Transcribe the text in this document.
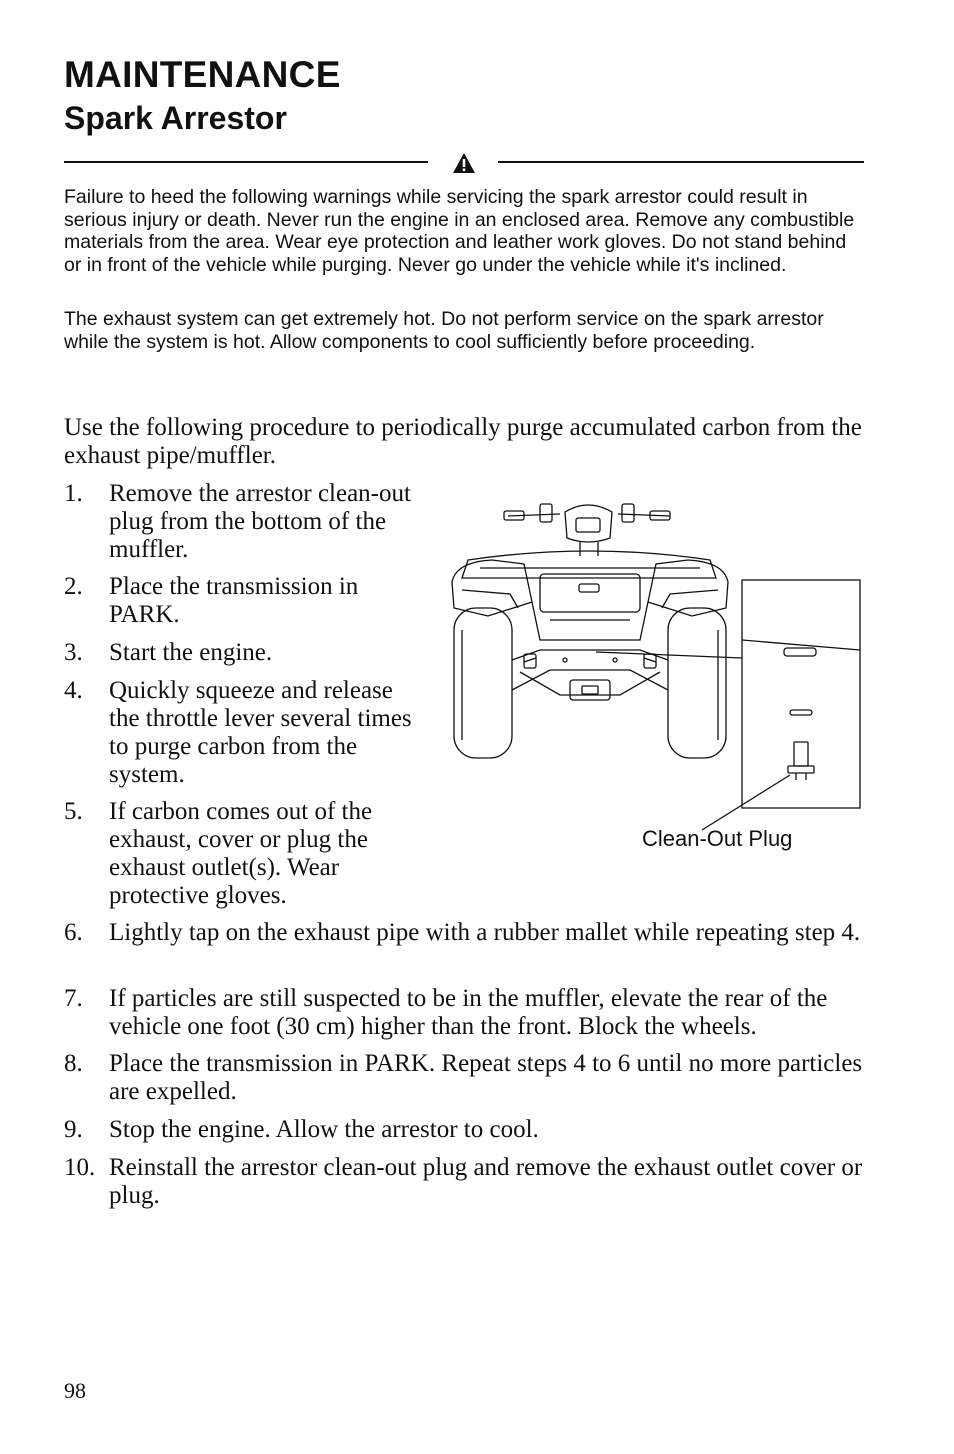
MAINTENANCE
Spark Arrestor
Failure to heed the following warnings while servicing the spark arrestor could result in serious injury or death. Never run the engine in an enclosed area. Remove any combustible materials from the area. Wear eye protection and leather work gloves. Do not stand behind or in front of the vehicle while purging. Never go under the vehicle while it's inclined.
The exhaust system can get extremely hot. Do not perform service on the spark arrestor while the system is hot. Allow components to cool sufficiently before proceeding.
Use the following procedure to periodically purge accumulated carbon from the exhaust pipe/muffler.
1. Remove the arrestor clean-out plug from the bottom of the muffler.
2. Place the transmission in PARK.
3. Start the engine.
4. Quickly squeeze and release the throttle lever several times to purge carbon from the system.
5. If carbon comes out of the exhaust, cover or plug the exhaust outlet(s). Wear protective gloves.
6. Lightly tap on the exhaust pipe with a rubber mallet while repeating step 4.
7. If particles are still suspected to be in the muffler, elevate the rear of the vehicle one foot (30 cm) higher than the front. Block the wheels.
8. Place the transmission in PARK. Repeat steps 4 to 6 until no more particles are expelled.
9. Stop the engine. Allow the arrestor to cool.
10. Reinstall the arrestor clean-out plug and remove the exhaust outlet cover or plug.
Clean-Out Plug
98
